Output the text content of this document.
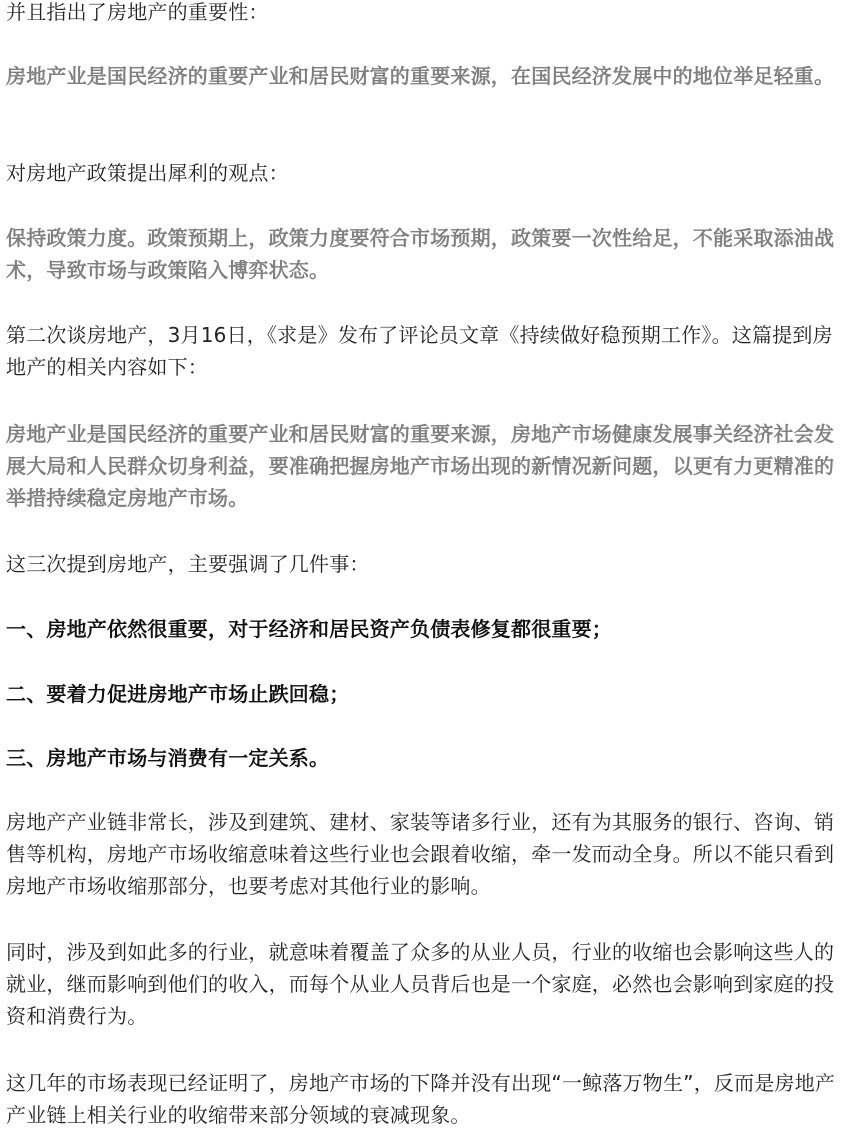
并且指出了房地产的重要性：

房地产业是国民经济的重要产业和居民财富的重要来源，在国民经济发展中的地位举足轻重。

对房地产政策提出犀利的观点：

保持政策力度。政策预期上，政策力度要符合市场预期，政策要一次性给足，不能采取添油战术，导致市场与政策陷入博弈状态。

第二次谈房地产，3月16日，《求是》发布了评论员文章《持续做好稳预期工作》。这篇提到房地产的相关内容如下：

房地产业是国民经济的重要产业和居民财富的重要来源，房地产市场健康发展事关经济社会发展大局和人民群众切身利益，要准确把握房地产市场出现的新情况新问题，以更有力更精准的举措持续稳定房地产市场。

这三次提到房地产，主要强调了几件事：

一、房地产依然很重要，对于经济和居民资产负债表修复都很重要；

二、要着力促进房地产市场止跌回稳；

三、房地产市场与消费有一定关系。

房地产产业链非常长，涉及到建筑、建材、家装等诸多行业，还有为其服务的银行、咨询、销售等机构，房地产市场收缩意味着这些行业也会跟着收缩，牵一发而动全身。所以不能只看到房地产市场收缩那部分，也要考虑对其他行业的影响。

同时，涉及到如此多的行业，就意味着覆盖了众多的从业人员，行业的收缩也会影响这些人的就业，继而影响到他们的收入，而每个从业人员背后也是一个家庭，必然也会影响到家庭的投资和消费行为。

这几年的市场表现已经证明了，房地产市场的下降并没有出现“一鲸落万物生”，反而是房地产产业链上相关行业的收缩带来部分领域的衰减现象。
